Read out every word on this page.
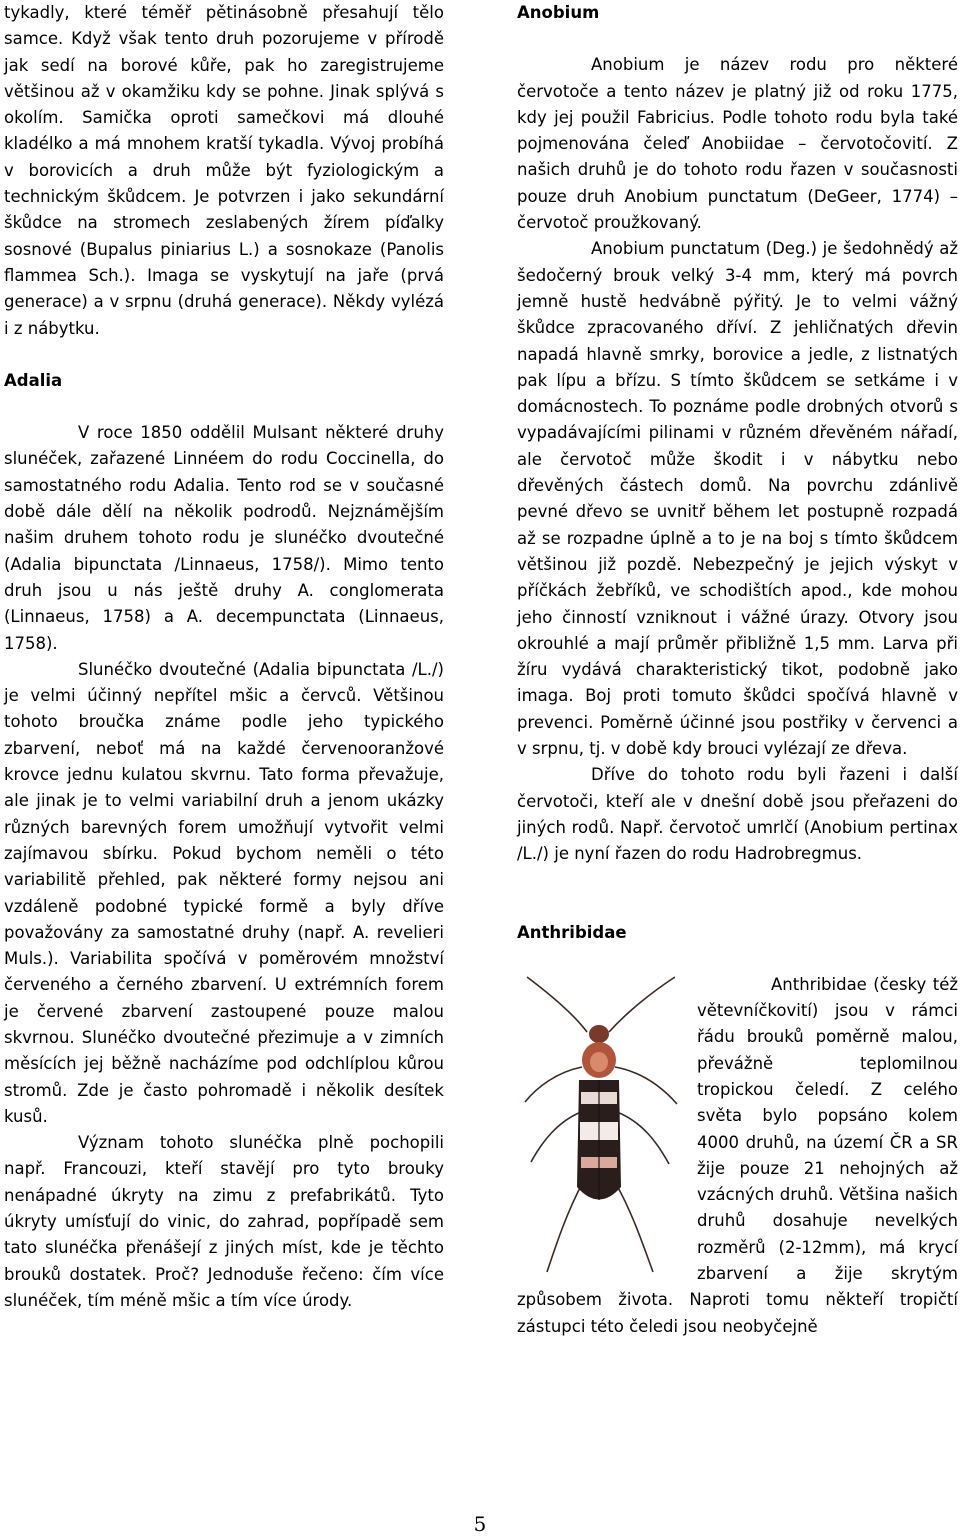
tykadly, které téměř pětinásobně přesahují tělo samce. Když však tento druh pozorujeme v přírodě jak sedí na borové kůře, pak ho zaregistrujeme většinou až v okamžiku kdy se pohne. Jinak splývá s okolím. Samička oproti samečkovi má dlouhé kladélko a má mnohem kratší tykadla. Vývoj probíhá v borovicích a druh může být fyziologickým a technickým škůdcem. Je potvrzen i jako sekundární škůdce na stromech zeslabených žírem píďalky sosnové (Bupalus piniarius L.) a sosnokaze (Panolis flammea Sch.). Imaga se vyskytují na jaře (prvá generace) a v srpnu (druhá generace). Někdy vylézá i z nábytku.

Adalia

V roce 1850 oddělil Mulsant některé druhy slunéček, zařazené Linnéem do rodu Coccinella, do samostatného rodu Adalia. Tento rod se v současné době dále dělí na několik podrodů. Nejznámějším našim druhem tohoto rodu je slunéčko dvoutečné (Adalia bipunctata /Linnaeus, 1758/). Mimo tento druh jsou u nás ještě druhy A. conglomerata (Linnaeus, 1758) a A. decempunctata (Linnaeus, 1758).

Slunéčko dvoutečné (Adalia bipunctata /L./) je velmi účinný nepřítel mšic a červců. Většinou tohoto broučka známe podle jeho typického zbarvení, neboť má na každé červenooranžové krovce jednu kulatou skvrnu. Tato forma převažuje, ale jinak je to velmi variabilní druh a jenom ukázky různých barevných forem umožňují vytvořit velmi zajímavou sbírku. Pokud bychom neměli o této variabilitě přehled, pak některé formy nejsou ani vzdáleně podobné typické formě a byly dříve považovány za samostatné druhy (např. A. revelieri Muls.). Variabilita spočívá v poměrovém množství červeného a černého zbarvení. U extrémních forem je červené zbarvení zastoupené pouze malou skvrnou. Slunéčko dvoutečné přezimuje a v zimních měsících jej běžně nacházíme pod odchlíplou kůrou stromů. Zde je často pohromadě i několik desítek kusů.

Význam tohoto slunéčka plně pochopili např. Francouzi, kteří stavějí pro tyto brouky nenápadné úkryty na zimu z prefabrikátů. Tyto úkryty umísťují do vinic, do zahrad, popřípadě sem tato slunéčka přenášejí z jiných míst, kde je těchto brouků dostatek. Proč? Jednoduše řečeno: čím více slunéček, tím méně mšic a tím více úrody.

Anobium

Anobium je název rodu pro některé červotoče a tento název je platný již od roku 1775, kdy jej použil Fabricius. Podle tohoto rodu byla také pojmenována čeleď Anobiidae – červotočovití. Z našich druhů je do tohoto rodu řazen v současnosti pouze druh Anobium punctatum (DeGeer, 1774) – červotoč proužkovaný.

Anobium punctatum (Deg.) je šedohnědý až šedočerný brouk velký 3-4 mm, který má povrch jemně hustě hedvábně pýřitý. Je to velmi vážný škůdce zpracovaného dříví. Z jehličnatých dřevin napadá hlavně smrky, borovice a jedle, z listnatých pak lípu a břízu. S tímto škůdcem se setkáme i v domácnostech. To poznáme podle drobných otvorů s vypadávajícími pilinami v různém dřevěném nářadí, ale červotoč může škodit i v nábytku nebo dřevěných částech domů. Na povrchu zdánlivě pevné dřevo se uvnitř během let postupně rozpadá až se rozpadne úplně a to je na boj s tímto škůdcem většinou již pozdě. Nebezpečný je jejich výskyt v příčkách žebříků, ve schodištích apod., kde mohou jeho činností vzniknout i vážné úrazy. Otvory jsou okrouhlé a mají průměr přibližně 1,5 mm. Larva při žíru vydává charakteristický tikot, podobně jako imaga. Boj proti tomuto škůdci spočívá hlavně v prevenci. Poměrně účinné jsou postřiky v červenci a v srpnu, tj. v době kdy brouci vylézají ze dřeva.

Dříve do tohoto rodu byli řazeni i další červotoči, kteří ale v dnešní době jsou přeřazeni do jiných rodů. Např. červotoč umrlčí (Anobium pertinax /L./) je nyní řazen do rodu Hadrobregmus.

Anthribidae

Anthribidae (česky též větevníčkovití) jsou v rámci řádu brouků poměrně malou, převážně teplomilnou tropickou čeledí. Z celého světa bylo popsáno kolem 4000 druhů, na území ČR a SR žije pouze 21 nehojných až vzácných druhů. Většina našich druhů dosahuje nevelkých rozměrů (2-12mm), má krycí zbarvení a žije skrytým způsobem života. Naproti tomu někteří tropičtí zástupci této čeledi jsou neobyčejně

5
